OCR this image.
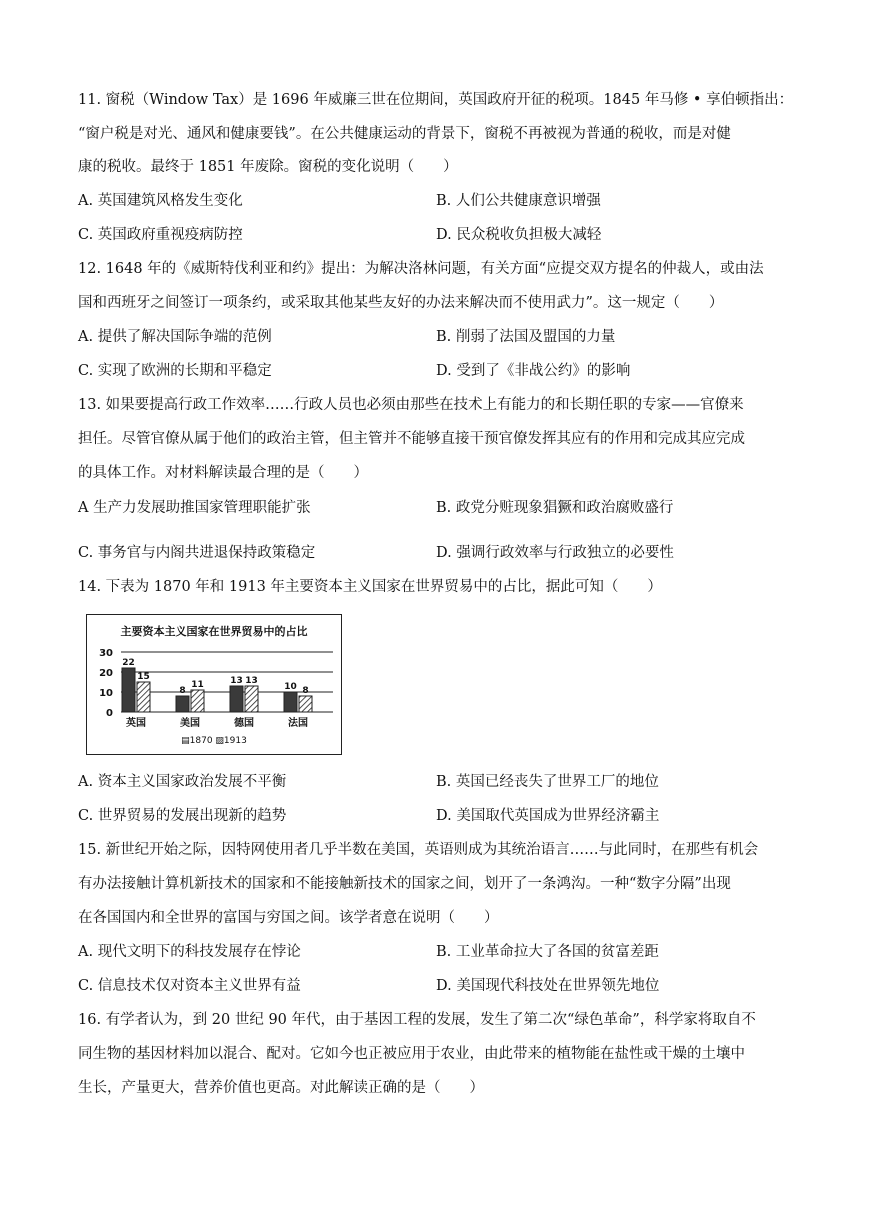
11. 窗税（Window Tax）是 1696 年威廉三世在位期间，英国政府开征的税项。1845 年马修 • 享伯顿指出：
“窗户税是对光、通风和健康要钱”。在公共健康运动的背景下，窗税不再被视为普通的税收，而是对健
康的税收。最终于 1851 年废除。窗税的变化说明（　　）
A. 英国建筑风格发生变化	B. 人们公共健康意识增强
C. 英国政府重视疫病防控	D. 民众税收负担极大减轻
12. 1648 年的《威斯特伐利亚和约》提出：为解决洛林问题，有关方面“应提交双方提名的仲裁人，或由法
国和西班牙之间签订一项条约，或采取其他某些友好的办法来解决而不使用武力”。这一规定（　　）
A. 提供了解决国际争端的范例	B. 削弱了法国及盟国的力量
C. 实现了欧洲的长期和平稳定	D. 受到了《非战公约》的影响
13. 如果要提高行政工作效率……行政人员也必须由那些在技术上有能力的和长期任职的专家——官僚来
担任。尽管官僚从属于他们的政治主管，但主管并不能够直接干预官僚发挥其应有的作用和完成其应完成
的具体工作。对材料解读最合理的是（　　）
A 生产力发展助推国家管理职能扩张	B. 政党分赃现象猖獗和政治腐败盛行
C. 事务官与内阁共进退保持政策稳定	D. 强调行政效率与行政独立的必要性
14. 下表为 1870 年和 1913 年主要资本主义国家在世界贸易中的占比，据此可知（　　）
主要资本主义国家在世界贸易中的占比
30
20
10
0
22
15
英国
8
11
美国
13 13
德国
10 8
法国
▤1870 ▨1913
A. 资本主义国家政治发展不平衡	B. 英国已经丧失了世界工厂的地位
C. 世界贸易的发展出现新的趋势	D. 美国取代英国成为世界经济霸主
15. 新世纪开始之际，因特网使用者几乎半数在美国，英语则成为其统治语言……与此同时，在那些有机会
有办法接触计算机新技术的国家和不能接触新技术的国家之间，划开了一条鸿沟。一种“数字分隔”出现
在各国国内和全世界的富国与穷国之间。该学者意在说明（　　）
A. 现代文明下的科技发展存在悖论	B. 工业革命拉大了各国的贫富差距
C. 信息技术仅对资本主义世界有益	D. 美国现代科技处在世界领先地位
16. 有学者认为，到 20 世纪 90 年代，由于基因工程的发展，发生了第二次“绿色革命”，科学家将取自不
同生物的基因材料加以混合、配对。它如今也正被应用于农业，由此带来的植物能在盐性或干燥的土壤中
生长，产量更大，营养价值也更高。对此解读正确的是（　　）
